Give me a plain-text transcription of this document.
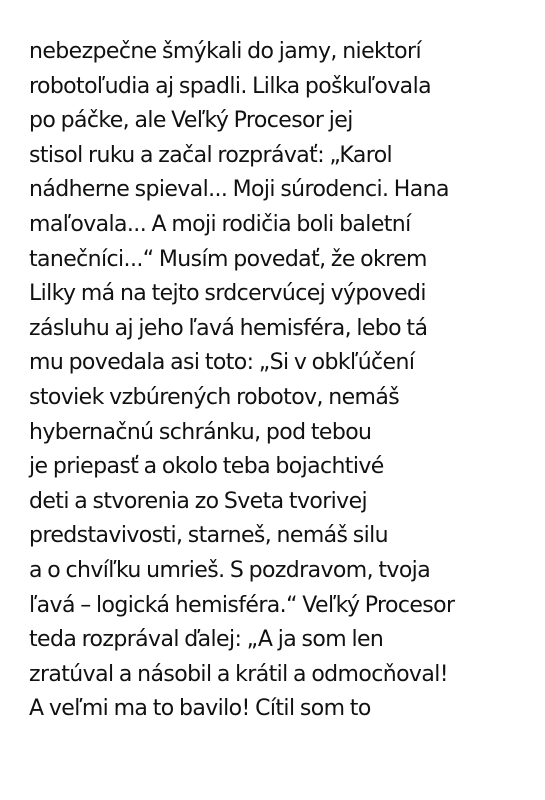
nebezpečne šmýkali do jamy, niektorí
robotoľudia aj spadli. Lilka poškuľovala
po páčke, ale Veľký Procesor jej
stisol ruku a začal rozprávať: „Karol
nádherne spieval... Moji súrodenci. Hana
maľovala... A moji rodičia boli baletní
tanečníci...“ Musím povedať, že okrem
Lilky má na tejto srdcervúcej výpovedi
zásluhu aj jeho ľavá hemisféra, lebo tá
mu povedala asi toto: „Si v obkľúčení
stoviek vzbúrených robotov, nemáš
hybernačnú schránku, pod tebou
je priepasť a okolo teba bojachtivé
deti a stvorenia zo Sveta tvorivej
predstavivosti, starneš, nemáš silu
a o chvíľku umrieš. S pozdravom, tvoja
ľavá – logická hemisféra.“ Veľký Procesor
teda rozprával ďalej: „A ja som len
zratúval a násobil a krátil a odmocňoval!
A veľmi ma to bavilo! Cítil som to
